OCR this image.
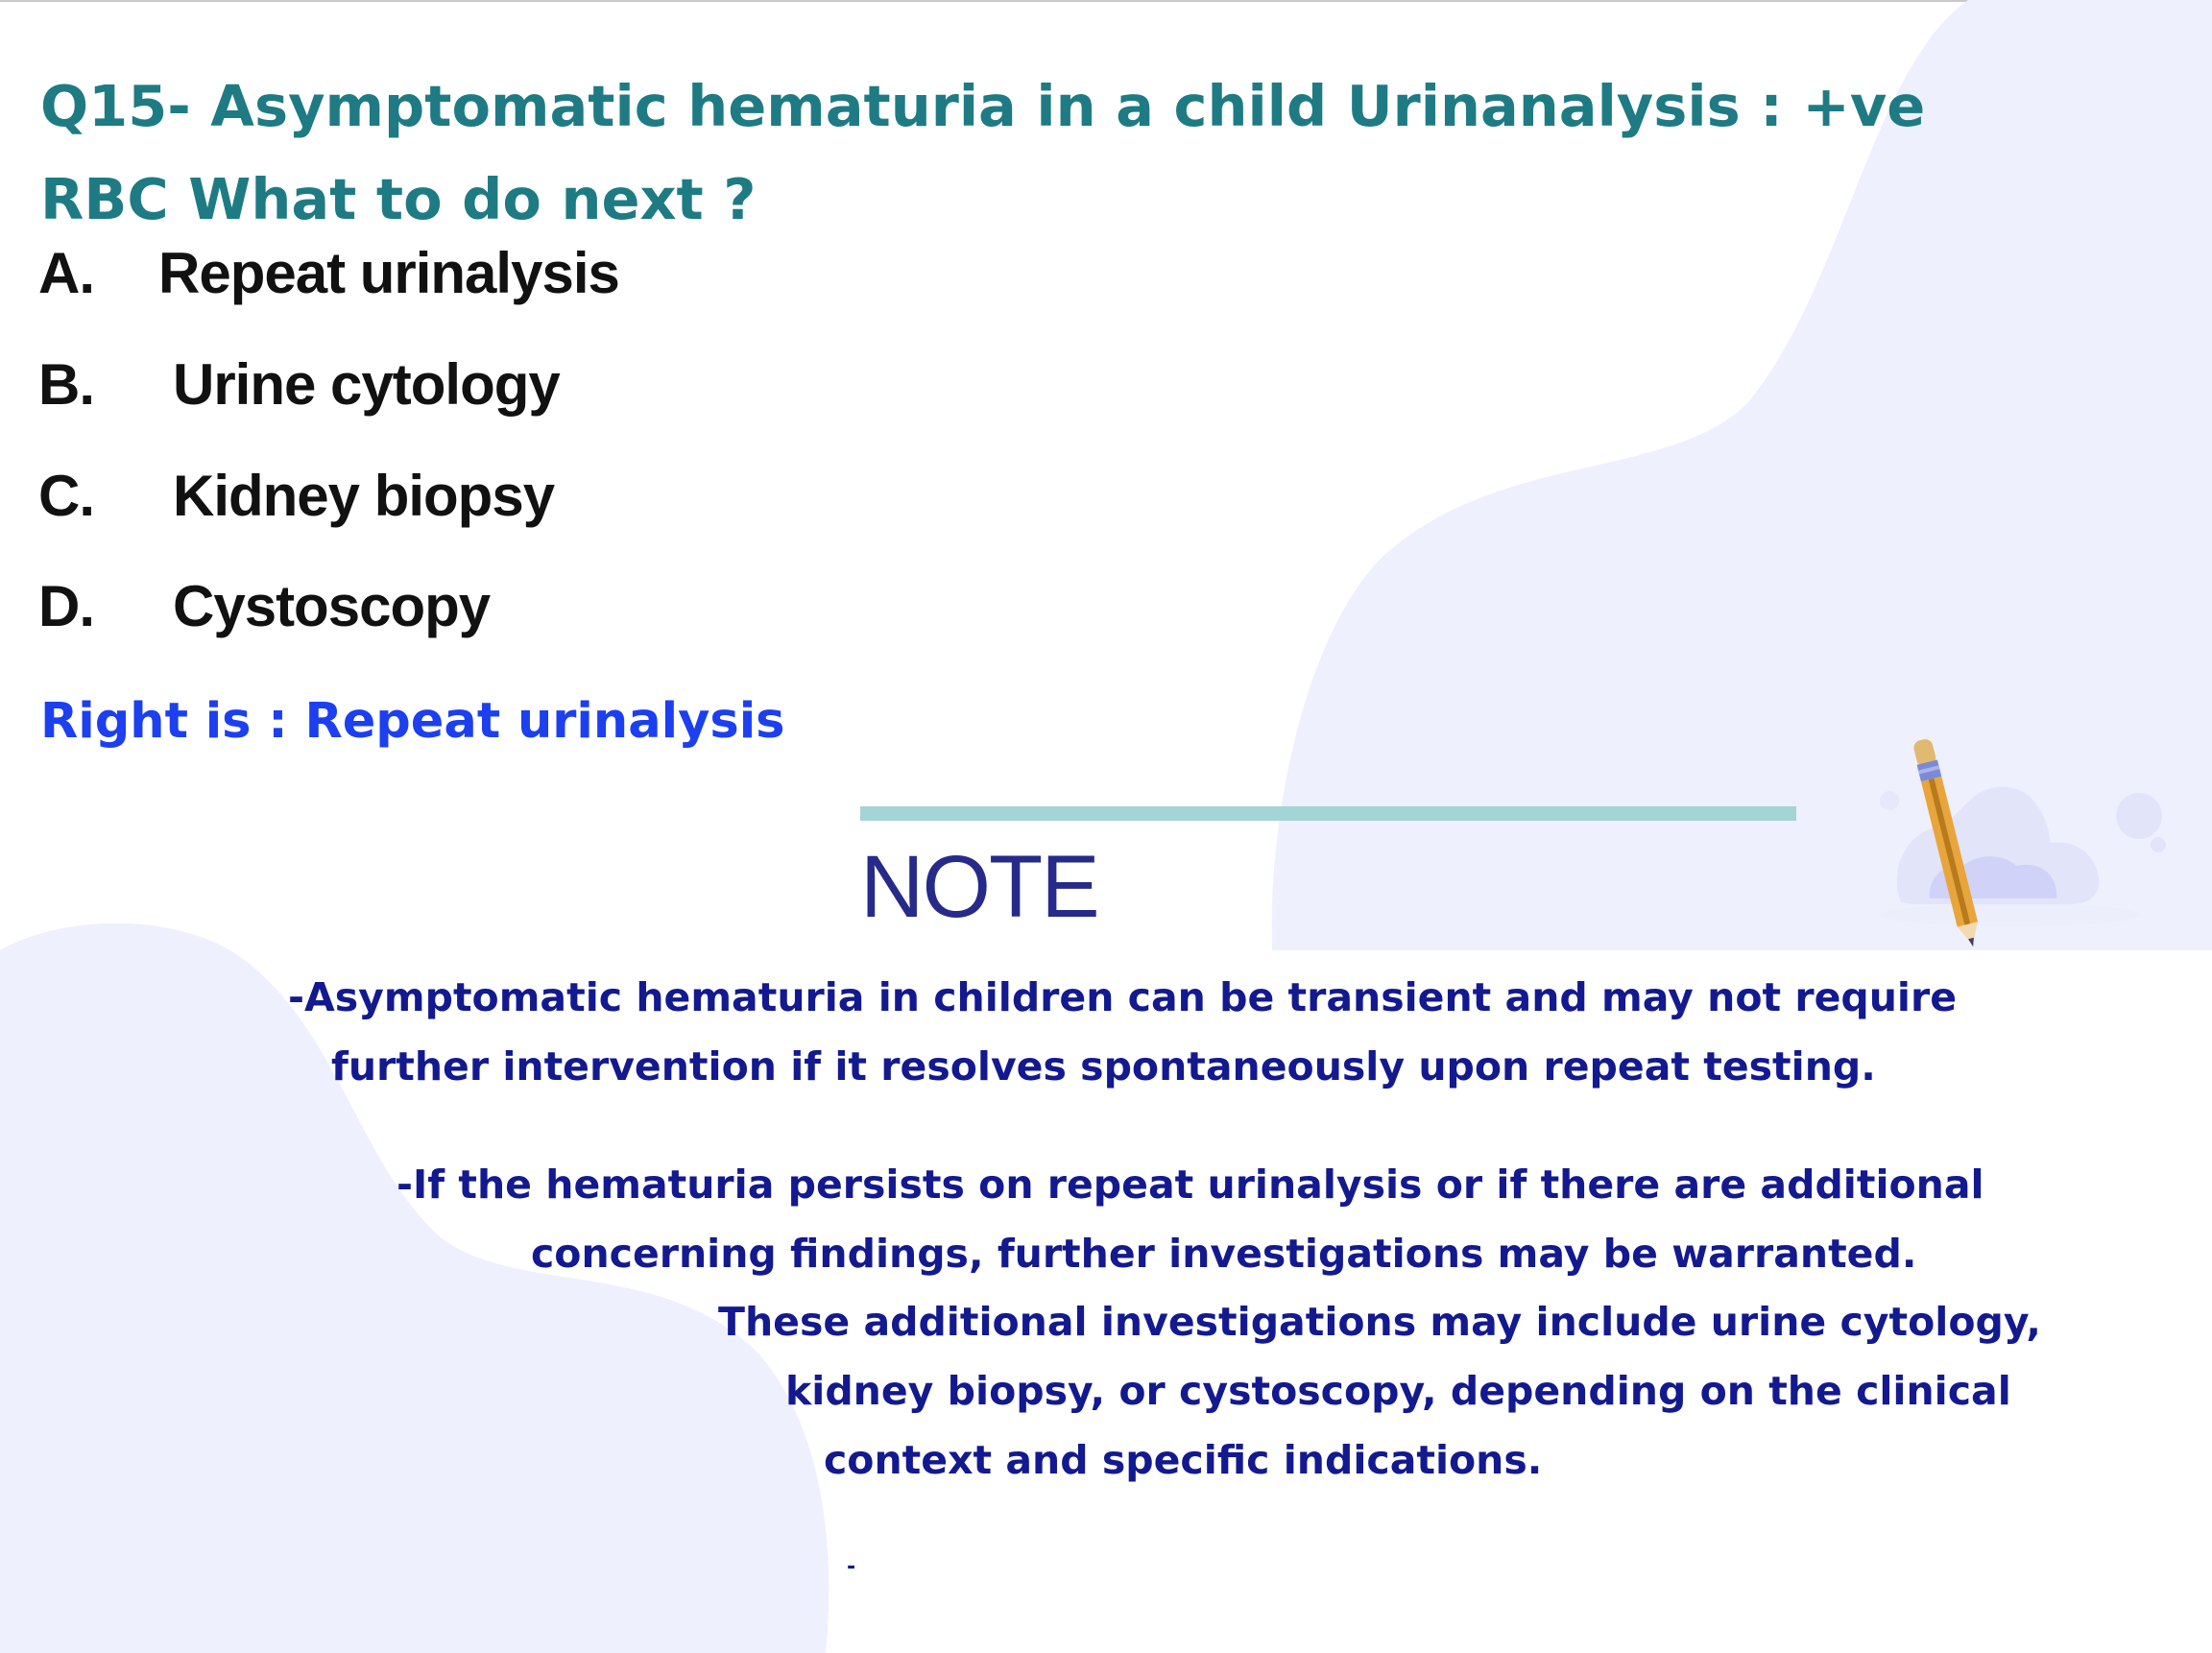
Q15- Asymptomatic hematuria in a child Urinanalysis : +ve
RBC What to do next ?
A. Repeat urinalysis
B. Urine cytology
C. Kidney biopsy
D. Cystoscopy
Right is : Repeat urinalysis
NOTE
-Asymptomatic hematuria in children can be transient and may not require
further intervention if it resolves spontaneously upon repeat testing.
-If the hematuria persists on repeat urinalysis or if there are additional
concerning findings, further investigations may be warranted.
These additional investigations may include urine cytology,
kidney biopsy, or cystoscopy, depending on the clinical
context and specific indications.
-
